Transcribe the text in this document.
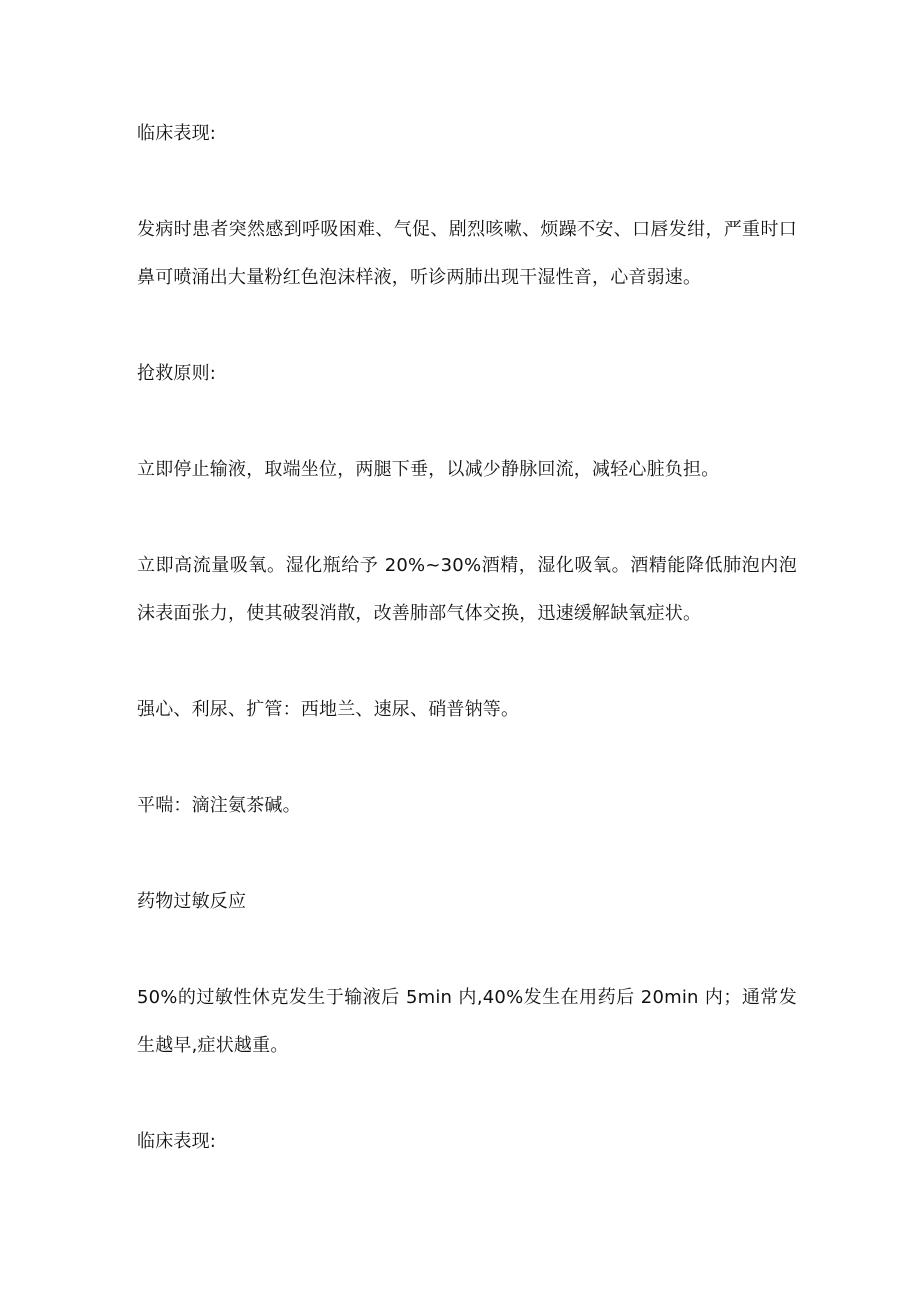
临床表现:
发病时患者突然感到呼吸困难、气促、剧烈咳嗽、烦躁不安、口唇发绀，严重时口鼻可喷涌出大量粉红色泡沫样液，听诊两肺出现干湿性音，心音弱速。
抢救原则:
立即停止输液，取端坐位，两腿下垂，以减少静脉回流，减轻心脏负担。
立即高流量吸氧。湿化瓶给予 20%~30%酒精，湿化吸氧。酒精能降低肺泡内泡沫表面张力，使其破裂消散，改善肺部气体交换，迅速缓解缺氧症状。
强心、利尿、扩管：西地兰、速尿、硝普钠等。
平喘：滴注氨茶碱。
药物过敏反应
50%的过敏性休克发生于输液后 5min 内,40%发生在用药后 20min 内；通常发生越早,症状越重。
临床表现:
